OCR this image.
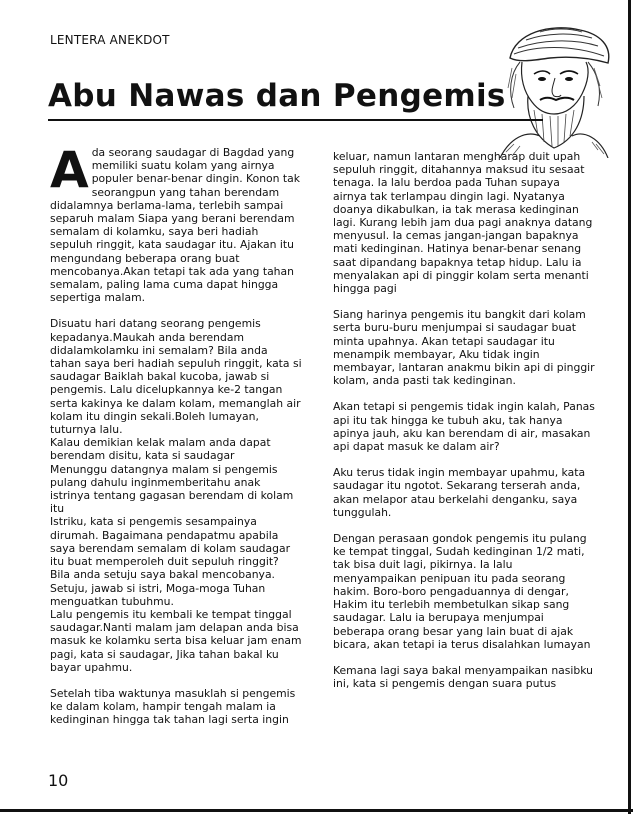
LENTERA ANEKDOT
Abu Nawas dan Pengemis

A da seorang saudagar di Bagdad yang memiliki suatu kolam yang airnya populer benar-benar dingin. Konon tak seorangpun yang tahan berendam didalamnya berlama-lama, terlebih sampai separuh malam Siapa yang berani berendam semalam di kolamku, saya beri hadiah sepuluh ringgit, kata saudagar itu. Ajakan itu mengundang beberapa orang buat mencobanya.Akan tetapi tak ada yang tahan semalam, paling lama cuma dapat hingga sepertiga malam.

Disuatu hari datang seorang pengemis kepadanya.Maukah anda berendam didalamkolamku ini semalam? Bila anda tahan saya beri hadiah sepuluh ringgit, kata si saudagar Baiklah bakal kucoba, jawab si pengemis. Lalu dicelupkannya ke-2 tangan serta kakinya ke dalam kolam, memanglah air kolam itu dingin sekali.Boleh lumayan, tuturnya lalu.

Kalau demikian kelak malam anda dapat berendam disitu, kata si saudagar

Menunggu datangnya malam si pengemis pulang dahulu inginmemberitahu anak istrinya tentang gagasan berendam di kolam itu

Istriku, kata si pengemis sesampainya dirumah. Bagaimana pendapatmu apabila saya berendam semalam di kolam saudagar itu buat memperoleh duit sepuluh ringgit? Bila anda setuju saya bakal mencobanya.

Setuju, jawab si istri, Moga-moga Tuhan menguatkan tubuhmu.

Lalu pengemis itu kembali ke tempat tinggal saudagar.Nanti malam jam delapan anda bisa masuk ke kolamku serta bisa keluar jam enam pagi, kata si saudagar, Jika tahan bakal ku bayar upahmu.

Setelah tiba waktunya masuklah si pengemis ke dalam kolam, hampir tengah malam ia kedinginan hingga tak tahan lagi serta ingin

keluar, namun lantaran mengharap duit upah sepuluh ringgit, ditahannya maksud itu sesaat tenaga. Ia lalu berdoa pada Tuhan supaya airnya tak terlampau dingin lagi. Nyatanya doanya dikabulkan, ia tak merasa kedinginan lagi. Kurang lebih jam dua pagi anaknya datang menyusul. Ia cemas jangan-jangan bapaknya mati kedinginan. Hatinya benar-benar senang saat dipandang bapaknya tetap hidup. Lalu ia menyalakan api di pinggir kolam serta menanti hingga pagi

Siang harinya pengemis itu bangkit dari kolam serta buru-buru menjumpai si saudagar buat minta upahnya. Akan tetapi saudagar itu menampik membayar, Aku tidak ingin membayar, lantaran anakmu bikin api di pinggir kolam, anda pasti tak kedinginan.

Akan tetapi si pengemis tidak ingin kalah, Panas api itu tak hingga ke tubuh aku, tak hanya apinya jauh, aku kan berendam di air, masakan api dapat masuk ke dalam air?

Aku terus tidak ingin membayar upahmu, kata saudagar itu ngotot. Sekarang terserah anda, akan melapor atau berkelahi denganku, saya tunggulah.

Dengan perasaan gondok pengemis itu pulang ke tempat tinggal, Sudah kedinginan 1/2 mati, tak bisa duit lagi, pikirnya. Ia lalu menyampaikan penipuan itu pada seorang hakim. Boro-boro pengaduannya di dengar, Hakim itu terlebih membetulkan sikap sang saudagar. Lalu ia berupaya menjumpai beberapa orang besar yang lain buat di ajak bicara, akan tetapi ia terus disalahkan lumayan

Kemana lagi saya bakal menyampaikan nasibku ini, kata si pengemis dengan suara putus

10
